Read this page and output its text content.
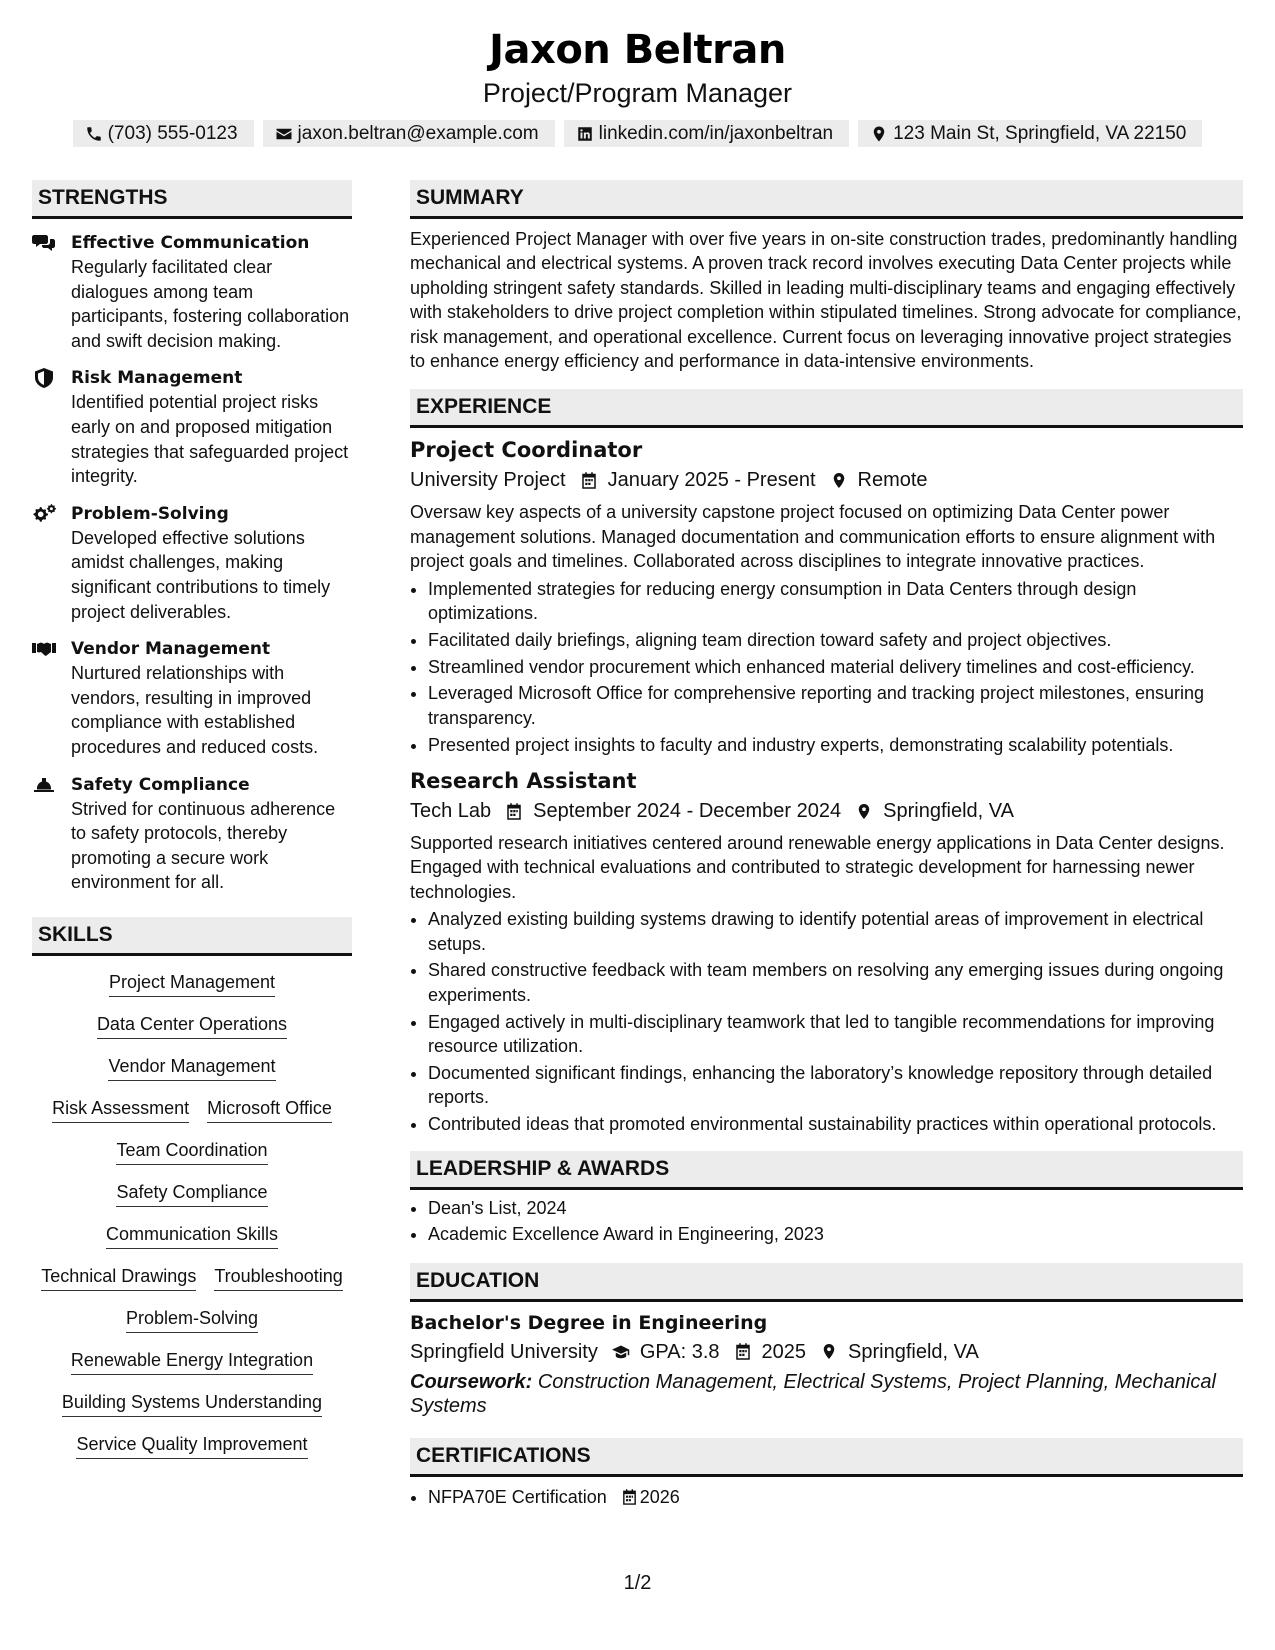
Jaxon Beltran
Project/Program Manager
(703) 555-0123	jaxon.beltran@example.com	linkedin.com/in/jaxonbeltran	123 Main St, Springfield, VA 22150
STRENGTHS
Effective Communication
Regularly facilitated clear dialogues among team participants, fostering collaboration and swift decision making.
Risk Management
Identified potential project risks early on and proposed mitigation strategies that safeguarded project integrity.
Problem-Solving
Developed effective solutions amidst challenges, making significant contributions to timely project deliverables.
Vendor Management
Nurtured relationships with vendors, resulting in improved compliance with established procedures and reduced costs.
Safety Compliance
Strived for continuous adherence to safety protocols, thereby promoting a secure work environment for all.
SKILLS
Project Management
Data Center Operations
Vendor Management
Risk Assessment Microsoft Office
Team Coordination
Safety Compliance
Communication Skills
Technical Drawings Troubleshooting
Problem-Solving
Renewable Energy Integration
Building Systems Understanding
Service Quality Improvement
SUMMARY
Experienced Project Manager with over five years in on-site construction trades, predominantly handling mechanical and electrical systems. A proven track record involves executing Data Center projects while upholding stringent safety standards. Skilled in leading multi-disciplinary teams and engaging effectively with stakeholders to drive project completion within stipulated timelines. Strong advocate for compliance, risk management, and operational excellence. Current focus on leveraging innovative project strategies to enhance energy efficiency and performance in data-intensive environments.
EXPERIENCE
Project Coordinator
University Project January 2025 - Present Remote
Oversaw key aspects of a university capstone project focused on optimizing Data Center power management solutions. Managed documentation and communication efforts to ensure alignment with project goals and timelines. Collaborated across disciplines to integrate innovative practices.
• Implemented strategies for reducing energy consumption in Data Centers through design optimizations.
• Facilitated daily briefings, aligning team direction toward safety and project objectives.
• Streamlined vendor procurement which enhanced material delivery timelines and cost-efficiency.
• Leveraged Microsoft Office for comprehensive reporting and tracking project milestones, ensuring transparency.
• Presented project insights to faculty and industry experts, demonstrating scalability potentials.
Research Assistant
Tech Lab September 2024 - December 2024 Springfield, VA
Supported research initiatives centered around renewable energy applications in Data Center designs. Engaged with technical evaluations and contributed to strategic development for harnessing newer technologies.
• Analyzed existing building systems drawing to identify potential areas of improvement in electrical setups.
• Shared constructive feedback with team members on resolving any emerging issues during ongoing experiments.
• Engaged actively in multi-disciplinary teamwork that led to tangible recommendations for improving resource utilization.
• Documented significant findings, enhancing the laboratory’s knowledge repository through detailed reports.
• Contributed ideas that promoted environmental sustainability practices within operational protocols.
LEADERSHIP & AWARDS
• Dean's List, 2024
• Academic Excellence Award in Engineering, 2023
EDUCATION
Bachelor's Degree in Engineering
Springfield University GPA: 3.8 2025 Springfield, VA
Coursework: Construction Management, Electrical Systems, Project Planning, Mechanical Systems
CERTIFICATIONS
• NFPA70E Certification 2026
1/2
